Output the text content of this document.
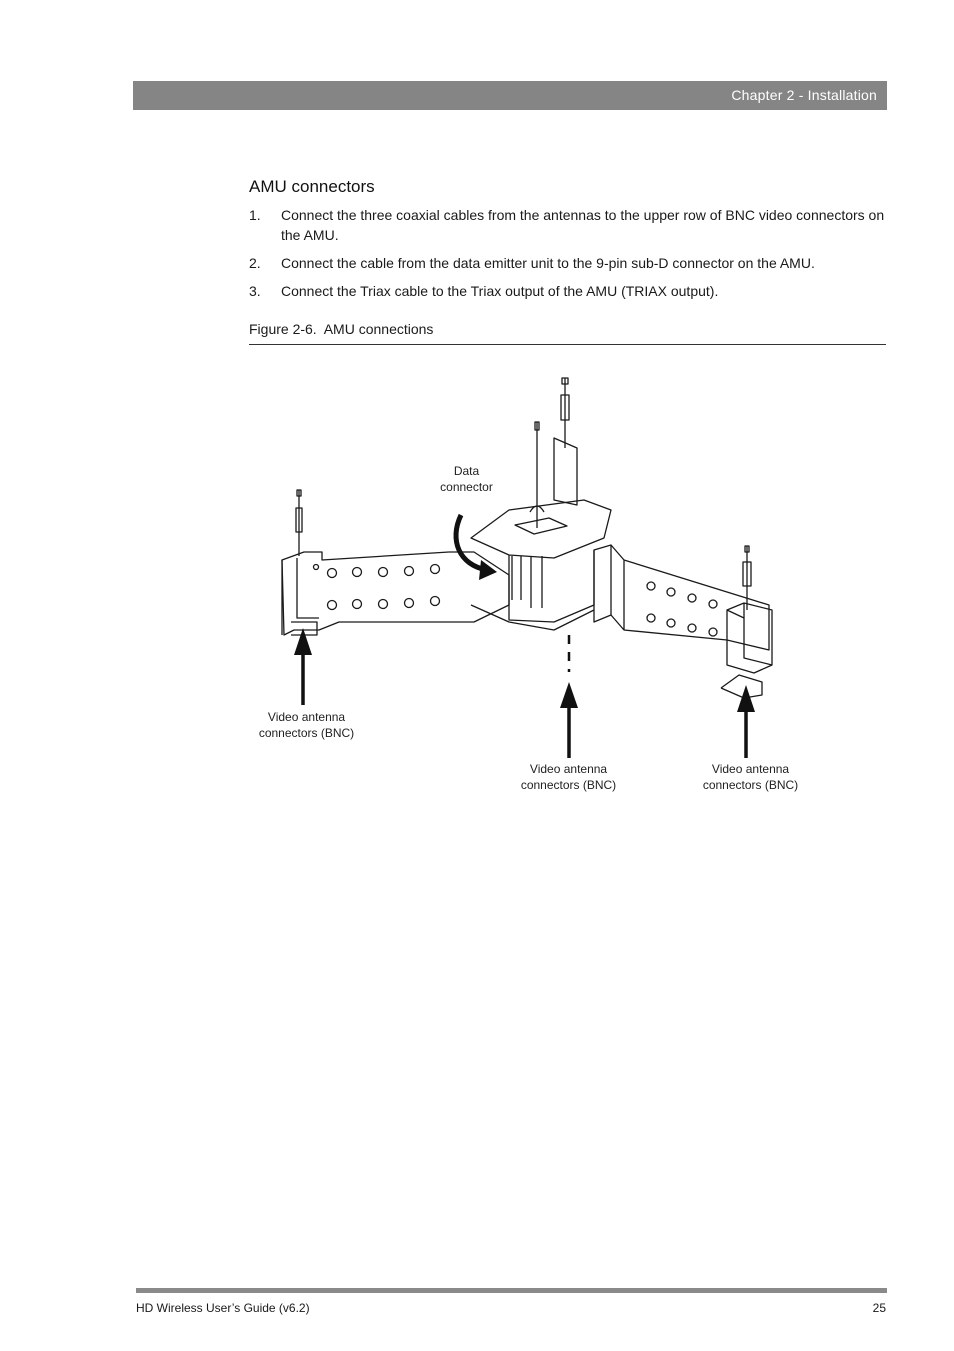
Chapter 2 - Installation
AMU connectors
1. Connect the three coaxial cables from the antennas to the upper row of BNC video connectors on the AMU.
2. Connect the cable from the data emitter unit to the 9-pin sub-D connector on the AMU.
3. Connect the Triax cable to the Triax output of the AMU (TRIAX output).
Figure 2-6. AMU connections
Data
connector
Video antenna
connectors (BNC)
Video antenna
connectors (BNC)
Video antenna
connectors (BNC)
HD Wireless User’s Guide (v6.2)	25
